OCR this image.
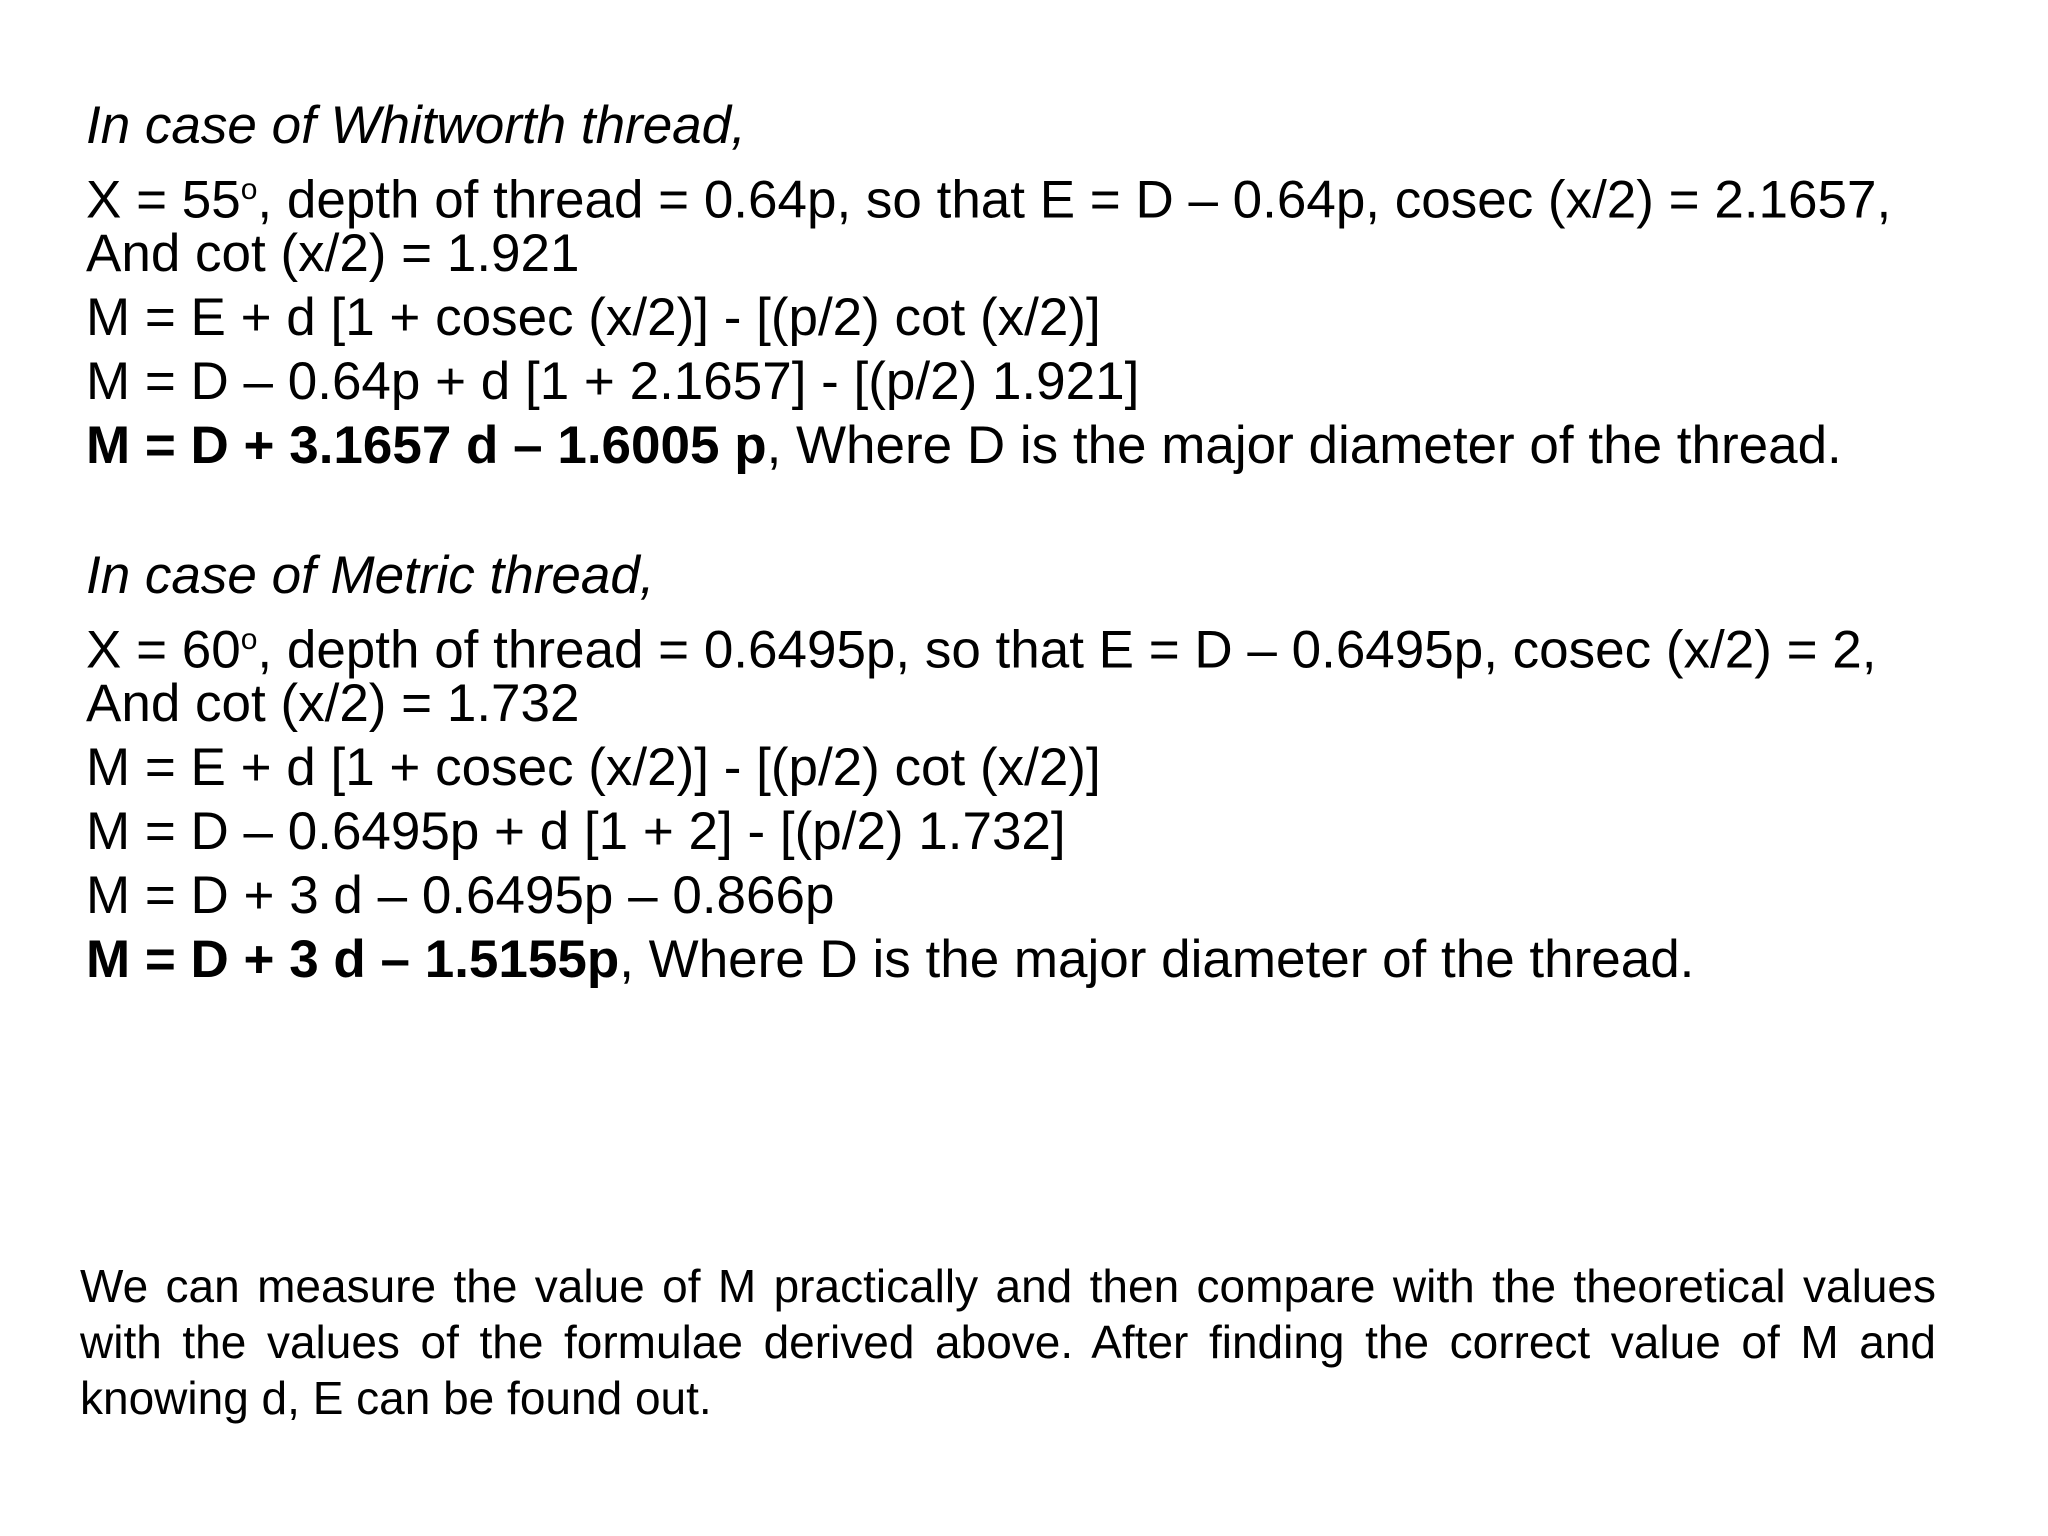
In case of Whitworth thread,
$X = 55^o$, depth of thread = 0.64p, so that E = D – 0.64p, cosec (x/2) = 2.1657,
And cot (x/2) = 1.921
M = E + d [1 + cosec (x/2)] - [(p/2) cot (x/2)]
M = D – 0.64p + d [1 + 2.1657] - [(p/2) 1.921]
M = D + 3.1657 d – 1.6005 p, Where D is the major diameter of the thread.
In case of Metric thread,
$X = 60^o$, depth of thread = 0.6495p, so that E = D – 0.6495p, cosec (x/2) = 2,
And cot (x/2) = 1.732
M = E + d [1 + cosec (x/2)] - [(p/2) cot (x/2)]
M = D – 0.6495p + d [1 + 2] - [(p/2) 1.732]
M = D + 3 d – 0.6495p – 0.866p
M = D + 3 d – 1.5155p, Where D is the major diameter of the thread.
We can measure the value of M practically and then compare with the theoretical values with the values of the formulae derived above. After finding the correct value of M and knowing d, E can be found out.
